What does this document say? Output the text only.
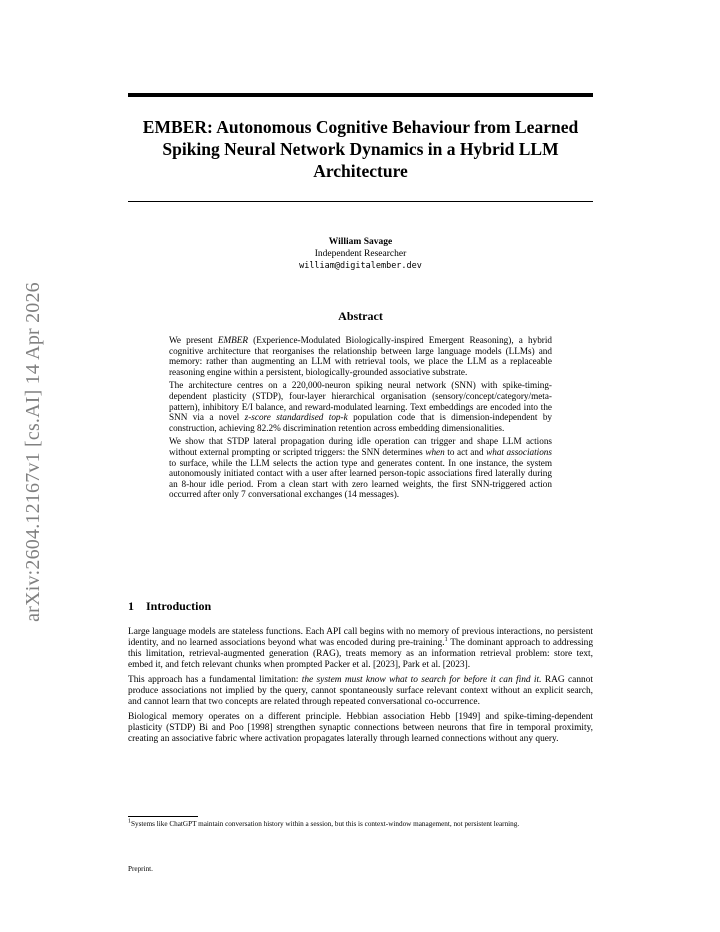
arXiv:2604.12167v1 [cs.AI] 14 Apr 2026
EMBER: Autonomous Cognitive Behaviour from Learned Spiking Neural Network Dynamics in a Hybrid LLM Architecture
William Savage
Independent Researcher
william@digitalember.dev
Abstract

We present EMBER (Experience-Modulated Biologically-inspired Emergent Reasoning), a hybrid cognitive architecture that reorganises the relationship between large language models (LLMs) and memory: rather than augmenting an LLM with retrieval tools, we place the LLM as a replaceable reasoning engine within a persistent, biologically-grounded associative substrate.

The architecture centres on a 220,000-neuron spiking neural network (SNN) with spike-timing-dependent plasticity (STDP), four-layer hierarchical organisation (sensory/concept/category/meta-pattern), inhibitory E/I balance, and reward-modulated learning. Text embeddings are encoded into the SNN via a novel z-score standardised top-k population code that is dimension-independent by construction, achieving 82.2% discrimination retention across embedding dimensionalities.

We show that STDP lateral propagation during idle operation can trigger and shape LLM actions without external prompting or scripted triggers: the SNN determines when to act and what associations to surface, while the LLM selects the action type and generates content. In one instance, the system autonomously initiated contact with a user after learned person-topic associations fired laterally during an 8-hour idle period. From a clean start with zero learned weights, the first SNN-triggered action occurred after only 7 conversational exchanges (14 messages).

1 Introduction

Large language models are stateless functions. Each API call begins with no memory of previous interactions, no persistent identity, and no learned associations beyond what was encoded during pre-training.$^1$ The dominant approach to addressing this limitation, retrieval-augmented generation (RAG), treats memory as an information retrieval problem: store text, embed it, and fetch relevant chunks when prompted Packer et al. [2023], Park et al. [2023].

This approach has a fundamental limitation: the system must know what to search for before it can find it. RAG cannot produce associations not implied by the query, cannot spontaneously surface relevant context without an explicit search, and cannot learn that two concepts are related through repeated conversational co-occurrence.

Biological memory operates on a different principle. Hebbian association Hebb [1949] and spike-timing-dependent plasticity (STDP) Bi and Poo [1998] strengthen synaptic connections between neurons that fire in temporal proximity, creating an associative fabric where activation propagates laterally through learned connections without any query.

$^1$Systems like ChatGPT maintain conversation history within a session, but this is context-window management, not persistent learning.

Preprint.
